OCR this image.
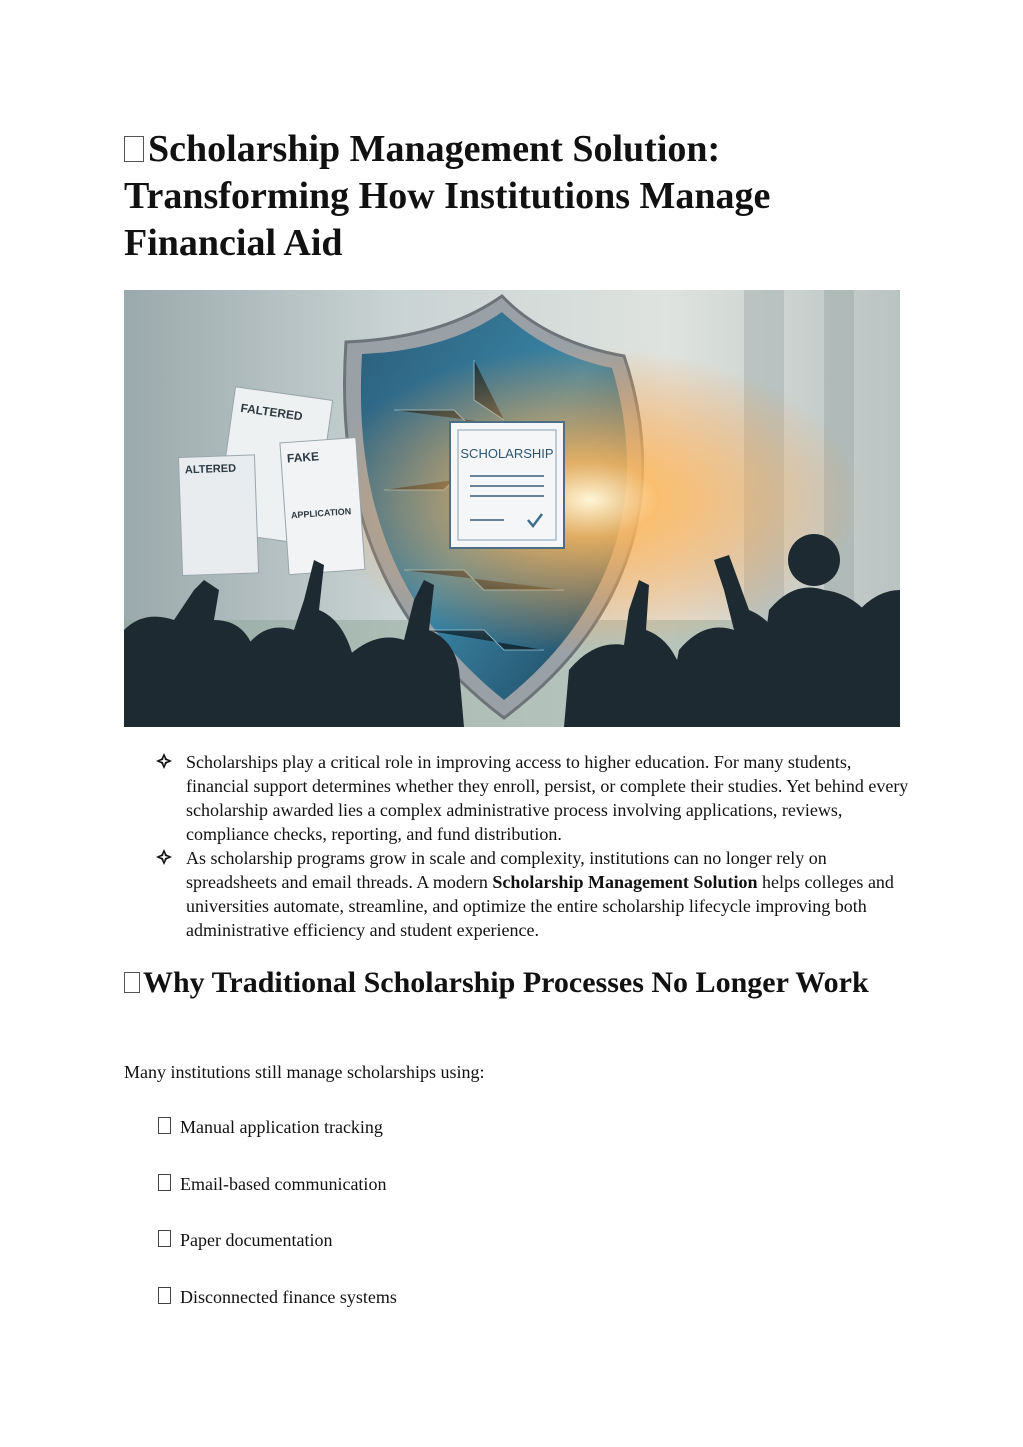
Scholarship Management Solution: Transforming How Institutions Manage Financial Aid
SCHOLARSHIP
FALTERED
ALTERED
FAKE
APPLICATION
Scholarships play a critical role in improving access to higher education. For many students, financial support determines whether they enroll, persist, or complete their studies. Yet behind every scholarship awarded lies a complex administrative process involving applications, reviews, compliance checks, reporting, and fund distribution.
As scholarship programs grow in scale and complexity, institutions can no longer rely on spreadsheets and email threads. A modern Scholarship Management Solution helps colleges and universities automate, streamline, and optimize the entire scholarship lifecycle improving both administrative efficiency and student experience.
Why Traditional Scholarship Processes No Longer Work

Many institutions still manage scholarships using:

Manual application tracking
Email-based communication
Paper documentation
Disconnected finance systems
